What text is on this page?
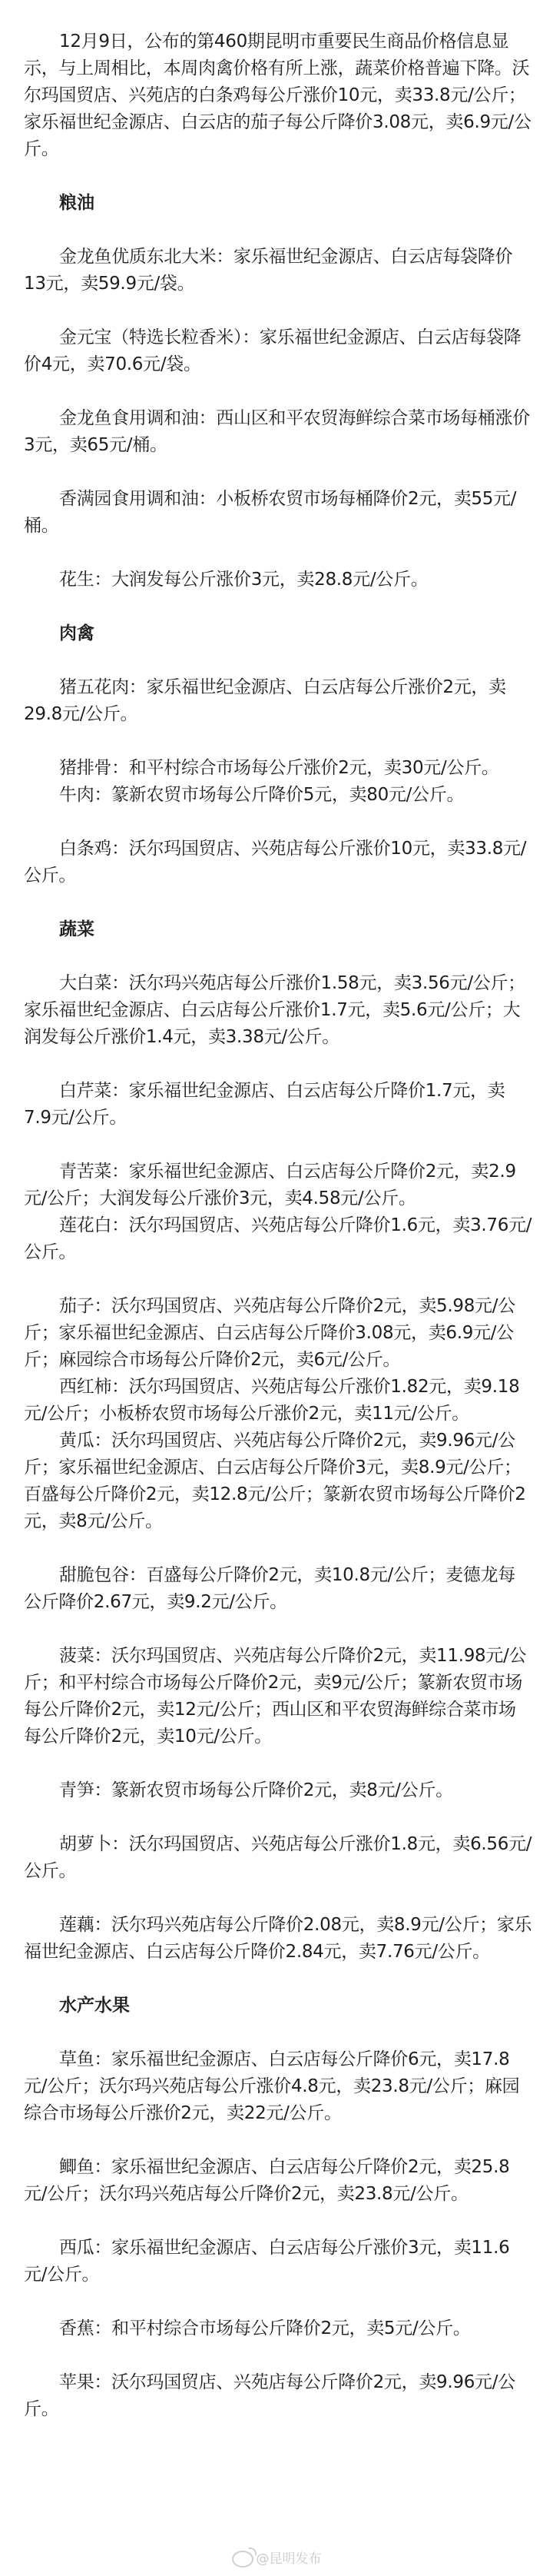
12月9日，公布的第460期昆明市重要民生商品价格信息显示，与上周相比，本周肉禽价格有所上涨，蔬菜价格普遍下降。沃尔玛国贸店、兴苑店的白条鸡每公斤涨价10元，卖33.8元/公斤；家乐福世纪金源店、白云店的茄子每公斤降价3.08元，卖6.9元/公斤。

粮油

金龙鱼优质东北大米：家乐福世纪金源店、白云店每袋降价13元，卖59.9元/袋。

金元宝（特选长粒香米）：家乐福世纪金源店、白云店每袋降价4元，卖70.6元/袋。

金龙鱼食用调和油：西山区和平农贸海鲜综合菜市场每桶涨价3元，卖65元/桶。

香满园食用调和油：小板桥农贸市场每桶降价2元，卖55元/桶。

花生：大润发每公斤涨价3元，卖28.8元/公斤。

肉禽

猪五花肉：家乐福世纪金源店、白云店每公斤涨价2元，卖29.8元/公斤。

猪排骨：和平村综合市场每公斤涨价2元，卖30元/公斤。

牛肉：篆新农贸市场每公斤降价5元，卖80元/公斤。

白条鸡：沃尔玛国贸店、兴苑店每公斤涨价10元，卖33.8元/公斤。

蔬菜

大白菜：沃尔玛兴苑店每公斤涨价1.58元，卖3.56元/公斤；家乐福世纪金源店、白云店每公斤涨价1.7元，卖5.6元/公斤；大润发每公斤涨价1.4元，卖3.38元/公斤。

白芹菜：家乐福世纪金源店、白云店每公斤降价1.7元，卖7.9元/公斤。

青苦菜：家乐福世纪金源店、白云店每公斤降价2元，卖2.9元/公斤；大润发每公斤涨价3元，卖4.58元/公斤。

莲花白：沃尔玛国贸店、兴苑店每公斤降价1.6元，卖3.76元/公斤。

茄子：沃尔玛国贸店、兴苑店每公斤降价2元，卖5.98元/公斤；家乐福世纪金源店、白云店每公斤降价3.08元，卖6.9元/公斤；麻园综合市场每公斤降价2元，卖6元/公斤。

西红柿：沃尔玛国贸店、兴苑店每公斤涨价1.82元，卖9.18元/公斤；小板桥农贸市场每公斤涨价2元，卖11元/公斤。

黄瓜：沃尔玛国贸店、兴苑店每公斤降价2元，卖9.96元/公斤；家乐福世纪金源店、白云店每公斤降价3元，卖8.9元/公斤；百盛每公斤降价2元，卖12.8元/公斤；篆新农贸市场每公斤降价2元，卖8元/公斤。

甜脆包谷：百盛每公斤降价2元，卖10.8元/公斤；麦德龙每公斤降价2.67元，卖9.2元/公斤。

菠菜：沃尔玛国贸店、兴苑店每公斤降价2元，卖11.98元/公斤；和平村综合市场每公斤降价2元，卖9元/公斤；篆新农贸市场每公斤降价2元，卖12元/公斤；西山区和平农贸海鲜综合菜市场每公斤降价2元，卖10元/公斤。

青笋：篆新农贸市场每公斤降价2元，卖8元/公斤。

胡萝卜：沃尔玛国贸店、兴苑店每公斤涨价1.8元，卖6.56元/公斤。

莲藕：沃尔玛兴苑店每公斤降价2.08元，卖8.9元/公斤；家乐福世纪金源店、白云店每公斤降价2.84元，卖7.76元/公斤。

水产水果

草鱼：家乐福世纪金源店、白云店每公斤降价6元，卖17.8元/公斤；沃尔玛兴苑店每公斤涨价4.8元，卖23.8元/公斤；麻园综合市场每公斤涨价2元，卖22元/公斤。

鲫鱼：家乐福世纪金源店、白云店每公斤降价2元，卖25.8元/公斤；沃尔玛兴苑店每公斤降价2元，卖23.8元/公斤。

西瓜：家乐福世纪金源店、白云店每公斤涨价3元，卖11.6元/公斤。

香蕉：和平村综合市场每公斤降价2元，卖5元/公斤。

苹果：沃尔玛国贸店、兴苑店每公斤降价2元，卖9.96元/公斤。

@昆明发布
